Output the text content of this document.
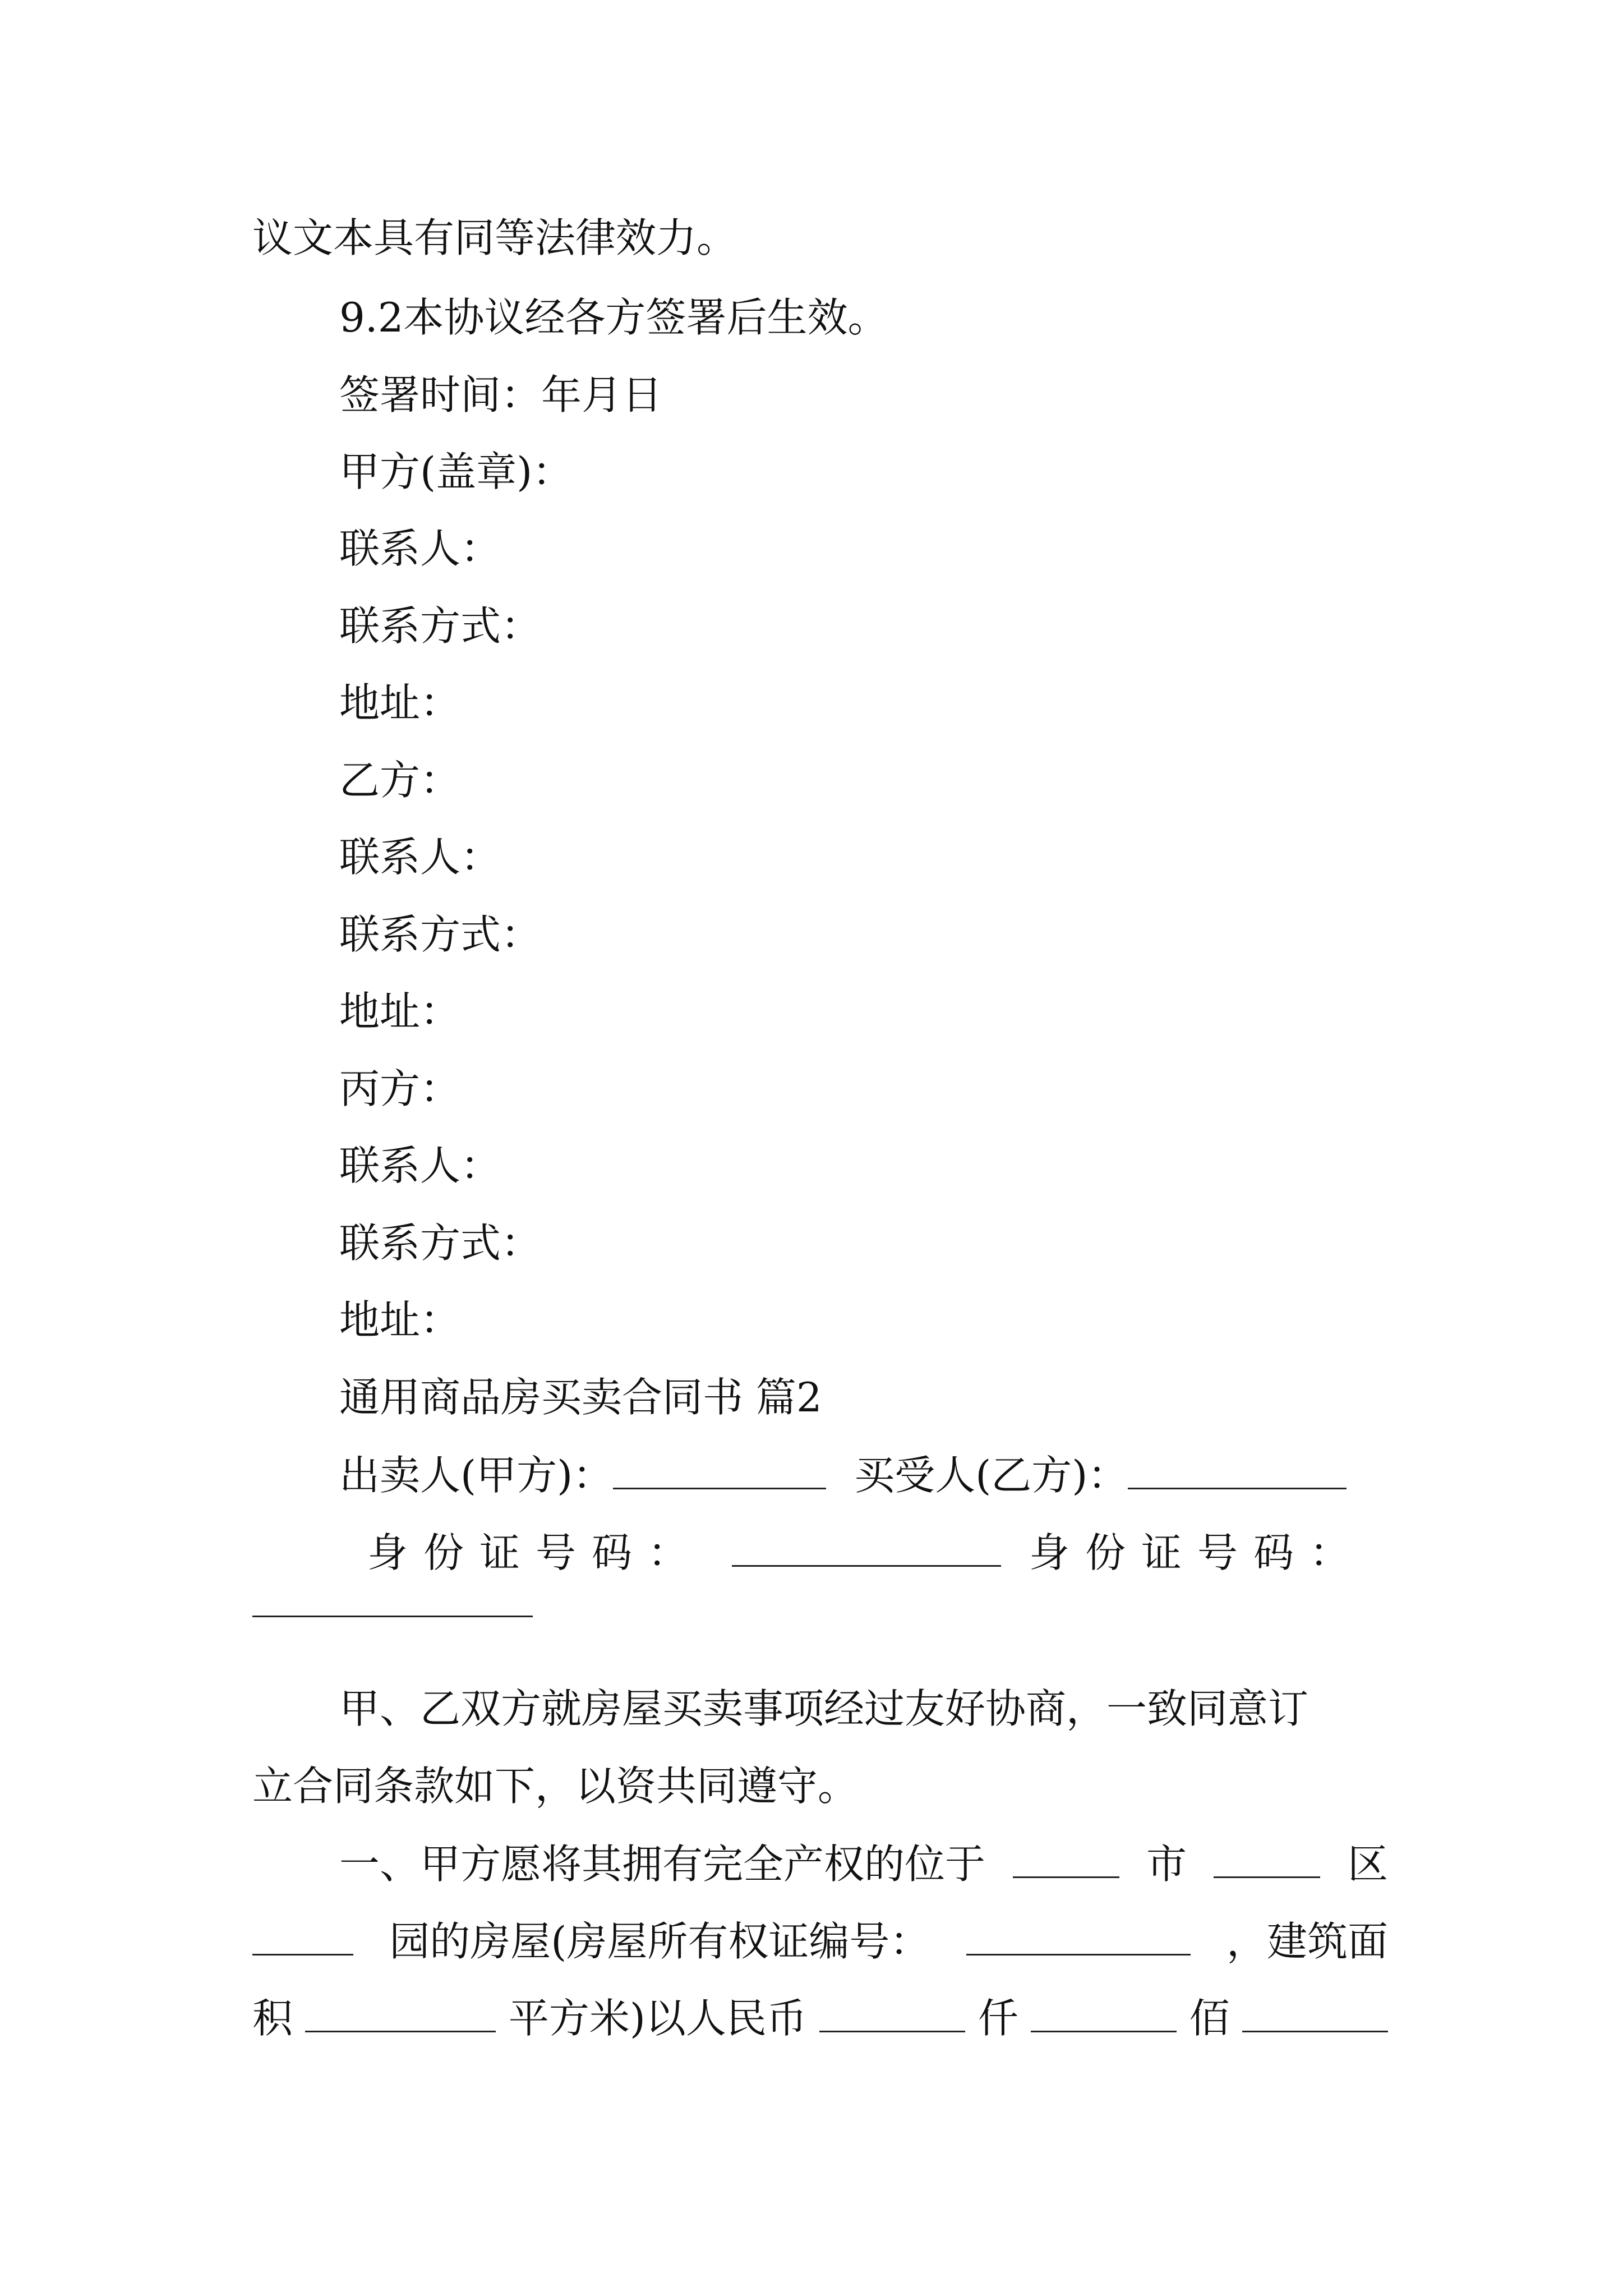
议文本具有同等法律效力。
9.2本协议经各方签署后生效。
签署时间：年月日
甲方(盖章)：
联系人：
联系方式：
地址：
乙方：
联系人：
联系方式：
地址：
丙方：
联系人：
联系方式：
地址：
通用商品房买卖合同书 篇2
出卖人(甲方)：	买受人(乙方)：
身份证号码：	身份证号码：
甲、乙双方就房屋买卖事项经过友好协商，一致同意订
立合同条款如下，以资共同遵守。
一、甲方愿将其拥有完全产权的位于	市	区
园的房屋(房屋所有权证编号：	，建筑面
积	平方米)以人民币	仟	佰
